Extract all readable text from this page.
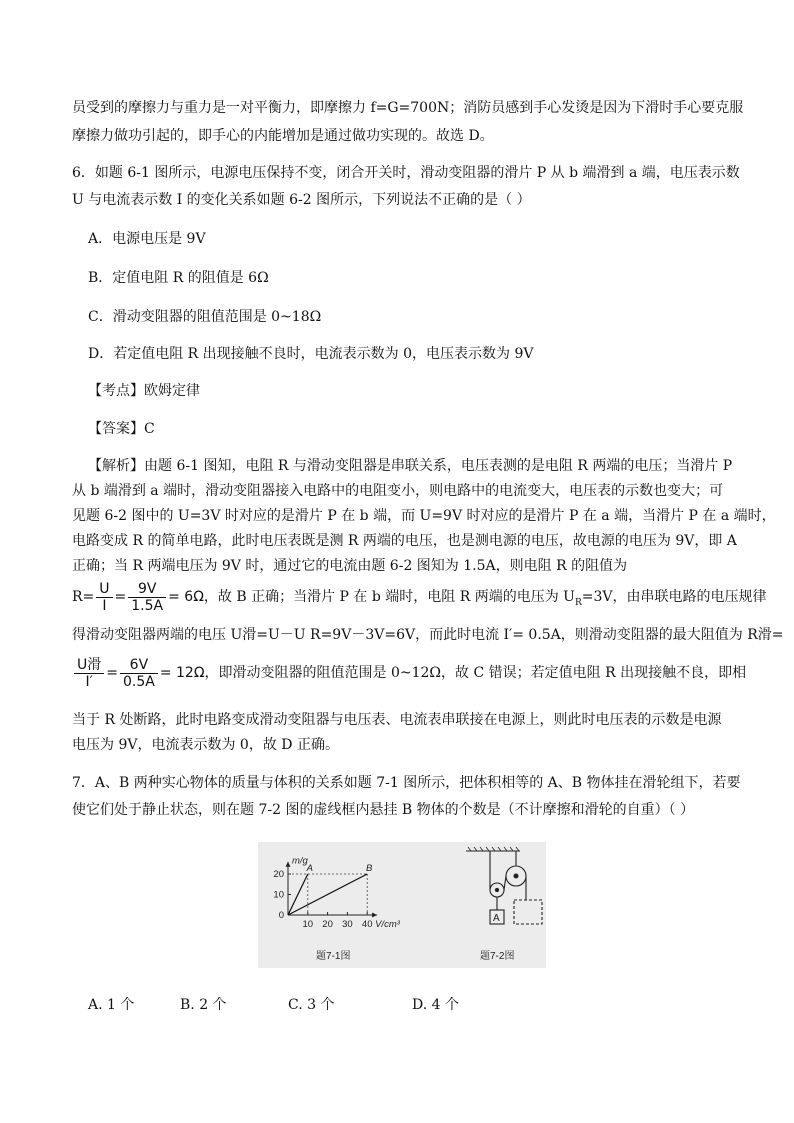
员受到的摩擦力与重力是一对平衡力，即摩擦力 f=G=700N；消防员感到手心发烫是因为下滑时手心要克服
摩擦力做功引起的，即手心的内能增加是通过做功实现的。故选 D。
6．如题 6-1 图所示，电源电压保持不变，闭合开关时，滑动变阻器的滑片 P 从 b 端滑到 a 端，电压表示数
U 与电流表示数 I 的变化关系如题 6-2 图所示，下列说法不正确的是（ ）
A．电源电压是 9V
B．定值电阻 R 的阻值是 6Ω
C．滑动变阻器的阻值范围是 0~18Ω
D．若定值电阻 R 出现接触不良时，电流表示数为 0，电压表示数为 9V
【考点】欧姆定律
【答案】C
【解析】由题 6-1 图知，电阻 R 与滑动变阻器是串联关系，电压表测的是电阻 R 两端的电压；当滑片 P
从 b 端滑到 a 端时，滑动变阻器接入电路中的电阻变小，则电路中的电流变大，电压表的示数也变大；可
见题 6-2 图中的 U=3V 时对应的是滑片 P 在 b 端，而 U=9V 时对应的是滑片 P 在 a 端，当滑片 P 在 a 端时，
电路变成 R 的简单电路，此时电压表既是测 R 两端的电压，也是测电源的电压，故电源的电压为 9V，即 A
正确；当 R 两端电压为 9V 时，通过它的电流由题 6-2 图知为 1.5A，则电阻 R 的阻值为
$R= \frac{U}{I} = \frac{9V}{1.5A} = 6\Omega$，故 B 正确；当滑片 P 在 b 端时，电阻 R 两端的电压为 $U_R=3V$，由串联电路的电压规律
得滑动变阻器两端的电压 U滑=U－U R=9V－3V=6V，而此时电流 I′= 0.5A，则滑动变阻器的最大阻值为 R滑=
$\frac{\text{U滑}}{I'} = \frac{6V}{0.5A} = 12\Omega$，即滑动变阻器的阻值范围是 0~12Ω，故 C 错误；若定值电阻 R 出现接触不良，即相
当于 R 处断路，此时电路变成滑动变阻器与电压表、电流表串联接在电源上，则此时电压表的示数是电源
电压为 9V，电流表示数为 0，故 D 正确。
7．A、B 两种实心物体的质量与体积的关系如题 7-1 图所示，把体积相等的 A、B 物体挂在滑轮组下，若要
使它们处于静止状态，则在题 7-2 图的虚线框内悬挂 B 物体的个数是（不计摩擦和滑轮的自重）（ ）
10 20 30 40
20
10
0
A	B
m/g
V/cm³
题7-1图
A
题7-2图
A. 1 个	B. 2 个	C. 3 个	D. 4 个
